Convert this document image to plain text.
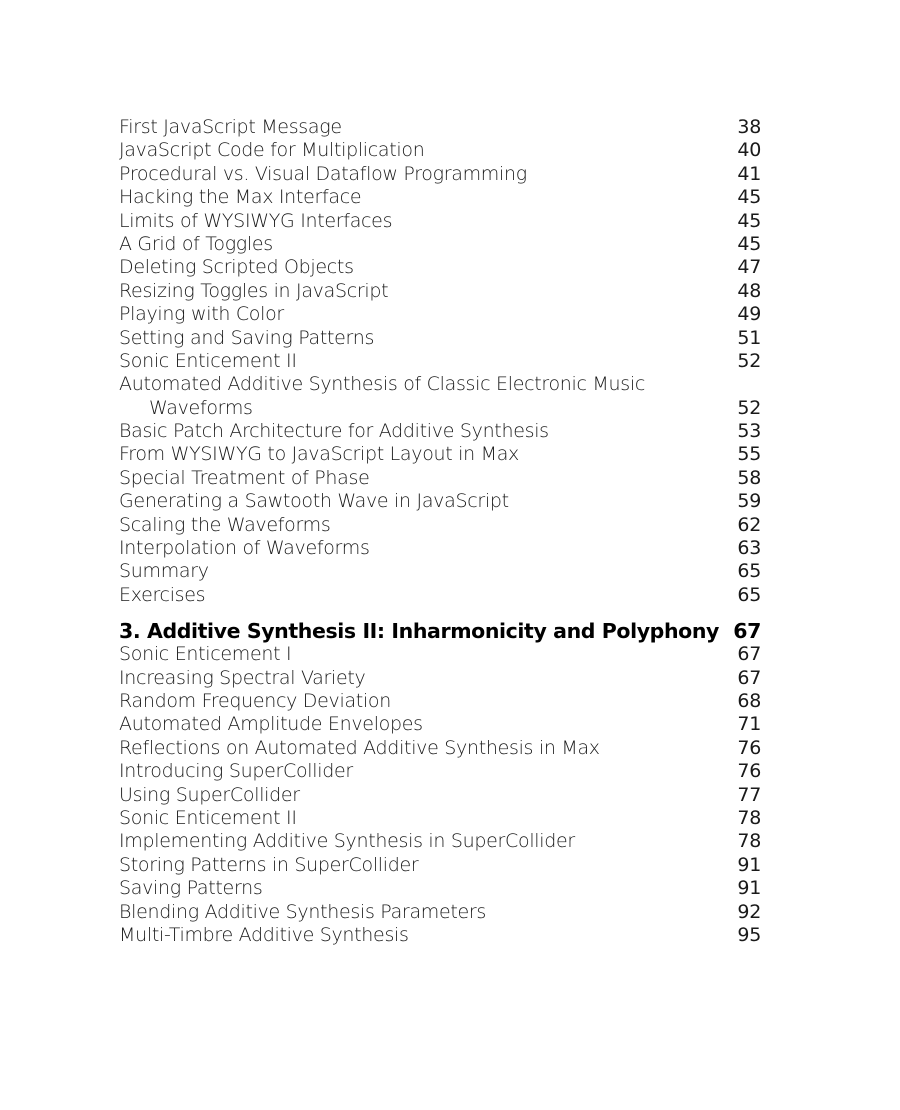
First JavaScript Message	38
JavaScript Code for Multiplication	40
Procedural vs. Visual Dataflow Programming	41
Hacking the Max Interface	45
Limits of WYSIWYG Interfaces	45
A Grid of Toggles	45
Deleting Scripted Objects	47
Resizing Toggles in JavaScript	48
Playing with Color	49
Setting and Saving Patterns	51
Sonic Enticement II	52
Automated Additive Synthesis of Classic Electronic Music Waveforms	52
Basic Patch Architecture for Additive Synthesis	53
From WYSIWYG to JavaScript Layout in Max	55
Special Treatment of Phase	58
Generating a Sawtooth Wave in JavaScript	59
Scaling the Waveforms	62
Interpolation of Waveforms	63
Summary	65
Exercises	65
3. Additive Synthesis II: Inharmonicity and Polyphony 67
Sonic Enticement I	67
Increasing Spectral Variety	67
Random Frequency Deviation	68
Automated Amplitude Envelopes	71
Reflections on Automated Additive Synthesis in Max	76
Introducing SuperCollider	76
Using SuperCollider	77
Sonic Enticement II	78
Implementing Additive Synthesis in SuperCollider	78
Storing Patterns in SuperCollider	91
Saving Patterns	91
Blending Additive Synthesis Parameters	92
Multi-Timbre Additive Synthesis	95
